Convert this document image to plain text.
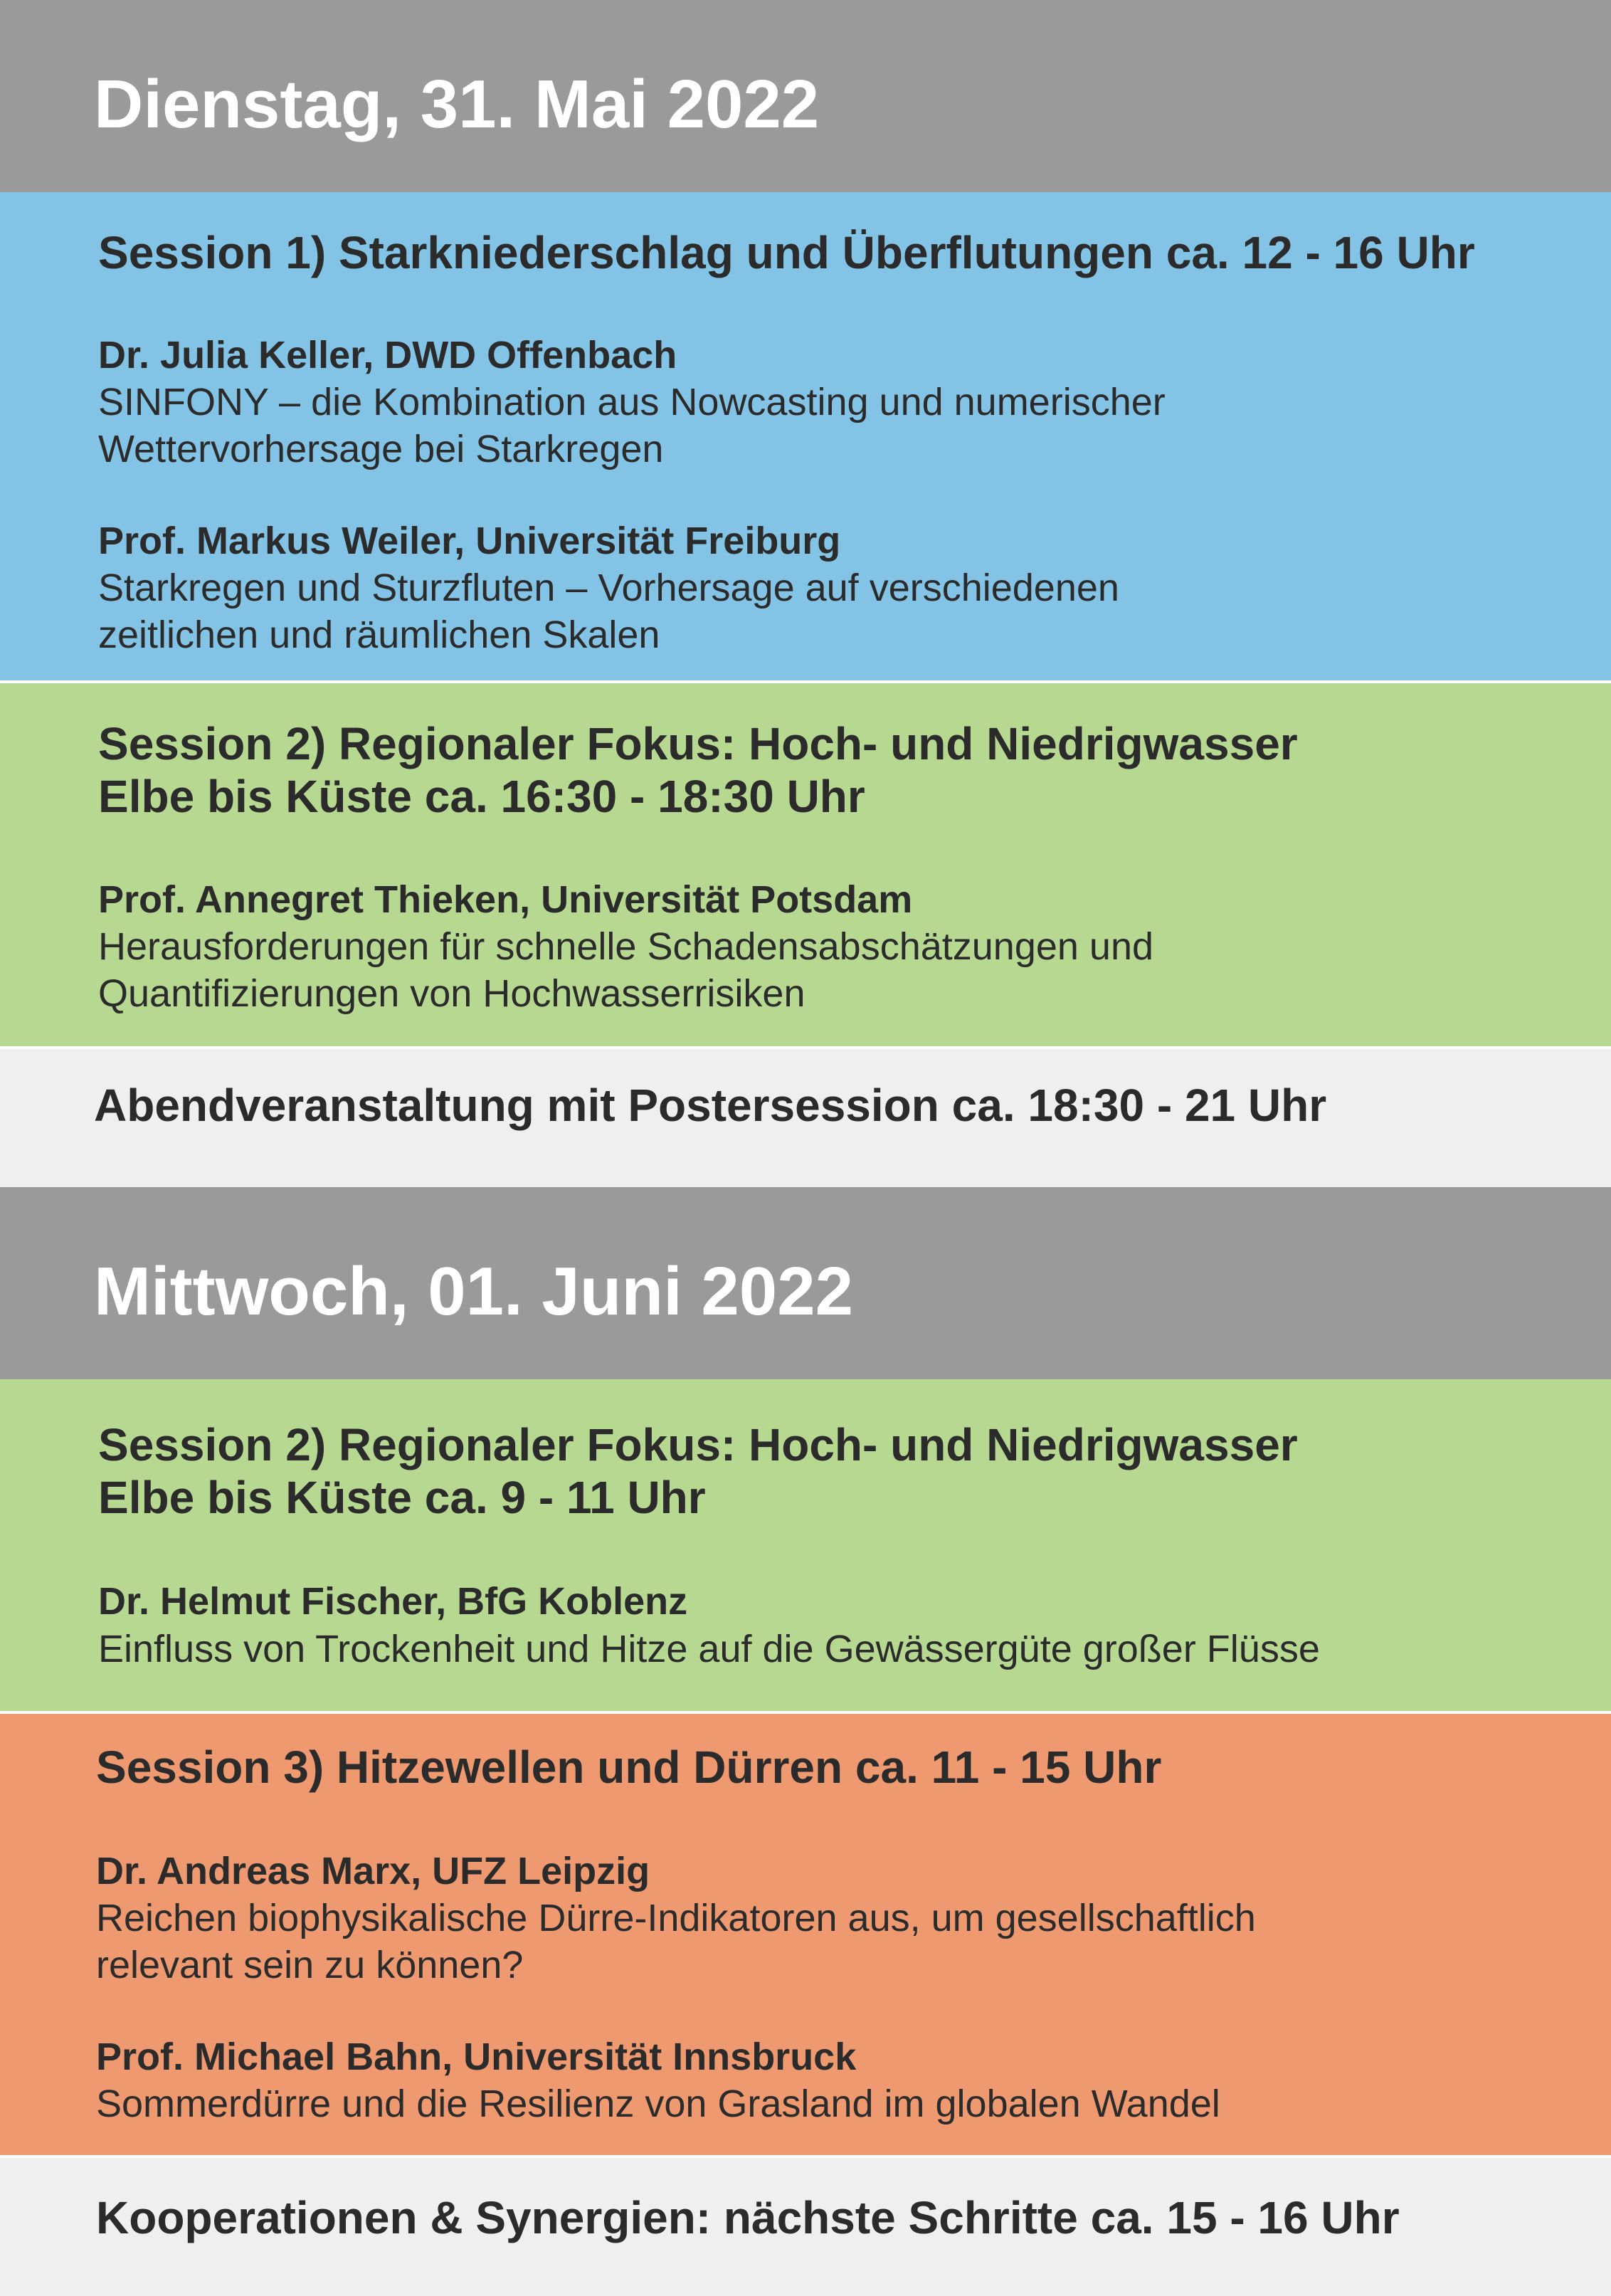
Dienstag, 31. Mai 2022
Session 1) Starkniederschlag und Überflutungen ca. 12 - 16 Uhr
Dr. Julia Keller, DWD Offenbach
SINFONY – die Kombination aus Nowcasting und numerischer
Wettervorhersage bei Starkregen
Prof. Markus Weiler, Universität Freiburg
Starkregen und Sturzfluten – Vorhersage auf verschiedenen
zeitlichen und räumlichen Skalen
Session 2) Regionaler Fokus: Hoch- und Niedrigwasser
Elbe bis Küste ca. 16:30 - 18:30 Uhr
Prof. Annegret Thieken, Universität Potsdam
Herausforderungen für schnelle Schadensabschätzungen und
Quantifizierungen von Hochwasserrisiken
Abendveranstaltung mit Postersession ca. 18:30 - 21 Uhr
Mittwoch, 01. Juni 2022
Session 2) Regionaler Fokus: Hoch- und Niedrigwasser
Elbe bis Küste ca. 9 - 11 Uhr
Dr. Helmut Fischer, BfG Koblenz
Einfluss von Trockenheit und Hitze auf die Gewässergüte großer Flüsse
Session 3) Hitzewellen und Dürren ca. 11 - 15 Uhr
Dr. Andreas Marx, UFZ Leipzig
Reichen biophysikalische Dürre-Indikatoren aus, um gesellschaftlich
relevant sein zu können?
Prof. Michael Bahn, Universität Innsbruck
Sommerdürre und die Resilienz von Grasland im globalen Wandel
Kooperationen & Synergien: nächste Schritte ca. 15 - 16 Uhr
